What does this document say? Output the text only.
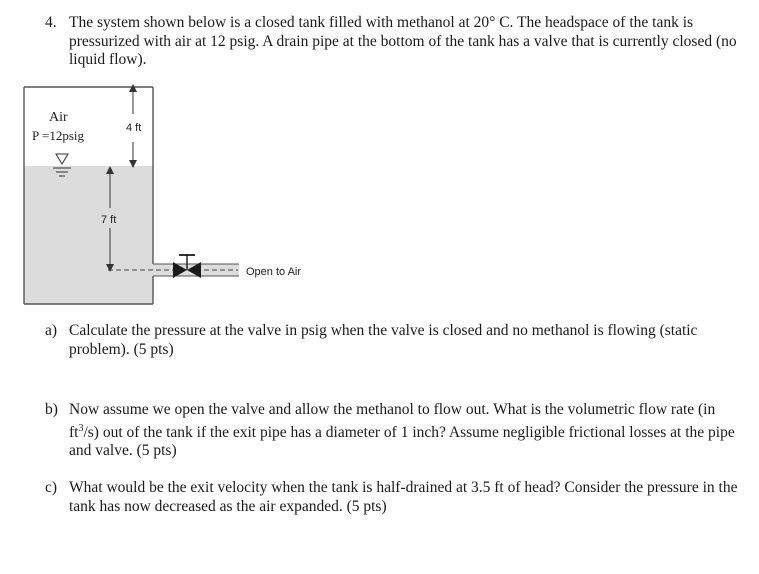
4. The system shown below is a closed tank filled with methanol at 20° C. The headspace of the tank is pressurized with air at 12 psig. A drain pipe at the bottom of the tank has a valve that is currently closed (no liquid flow).
4 ft
7 ft
Air
P =12psig
Open to Air
a) Calculate the pressure at the valve in psig when the valve is closed and no methanol is flowing (static problem). (5 pts)
b) Now assume we open the valve and allow the methanol to flow out. What is the volumetric flow rate (in $ft^3/s$) out of the tank if the exit pipe has a diameter of 1 inch? Assume negligible frictional losses at the pipe and valve. (5 pts)
c) What would be the exit velocity when the tank is half-drained at 3.5 ft of head? Consider the pressure in the tank has now decreased as the air expanded. (5 pts)
